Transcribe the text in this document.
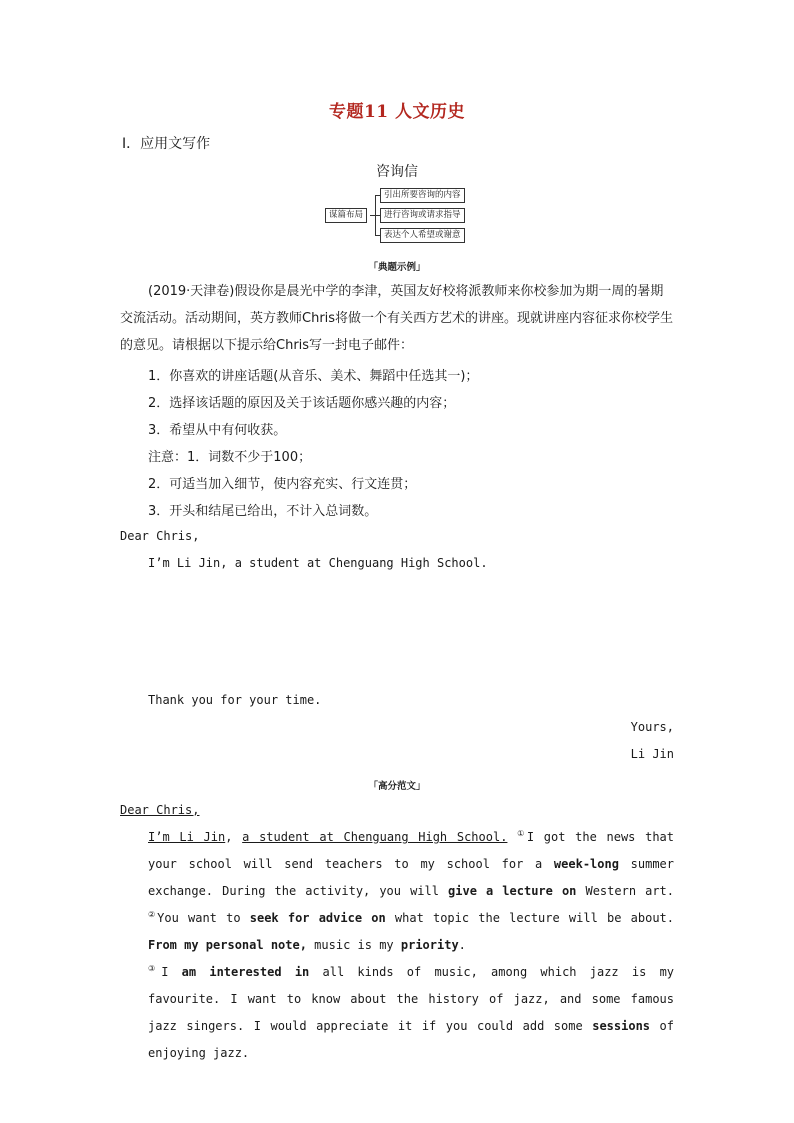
专题11 人文历史
Ⅰ．应用文写作
咨询信
谋篇布局
引出所要咨询的内容
进行咨询或请求指导
表达个人希望或谢意
「典题示例」
(2019·天津卷)假设你是晨光中学的李津，英国友好校将派教师来你校参加为期一周的暑期交流活动。活动期间，英方教师Chris将做一个有关西方艺术的讲座。现就讲座内容征求你校学生的意见。请根据以下提示给Chris写一封电子邮件：
1．你喜欢的讲座话题(从音乐、美术、舞蹈中任选其一)；
2．选择该话题的原因及关于该话题你感兴趣的内容；
3．希望从中有何收获。
注意：1．词数不少于100；
2．可适当加入细节，使内容充实、行文连贯；
3．开头和结尾已给出，不计入总词数。
Dear Chris,
I’m Li Jin, a student at Chenguang High School.
Thank you for your time.
Yours,
Li Jin
「高分范文」
Dear Chris,
I’m Li Jin, a student at Chenguang High School. ①I got the news that your school will send teachers to my school for a week-long summer exchange. During the activity, you will give a lecture on Western art. ②You want to seek for advice on what topic the lecture will be about. From my personal note, music is my priority.
③I am interested in all kinds of music, among which jazz is my favourite. I want to know about the history of jazz, and some famous jazz singers. I would appreciate it if you could add some sessions of enjoying jazz.
